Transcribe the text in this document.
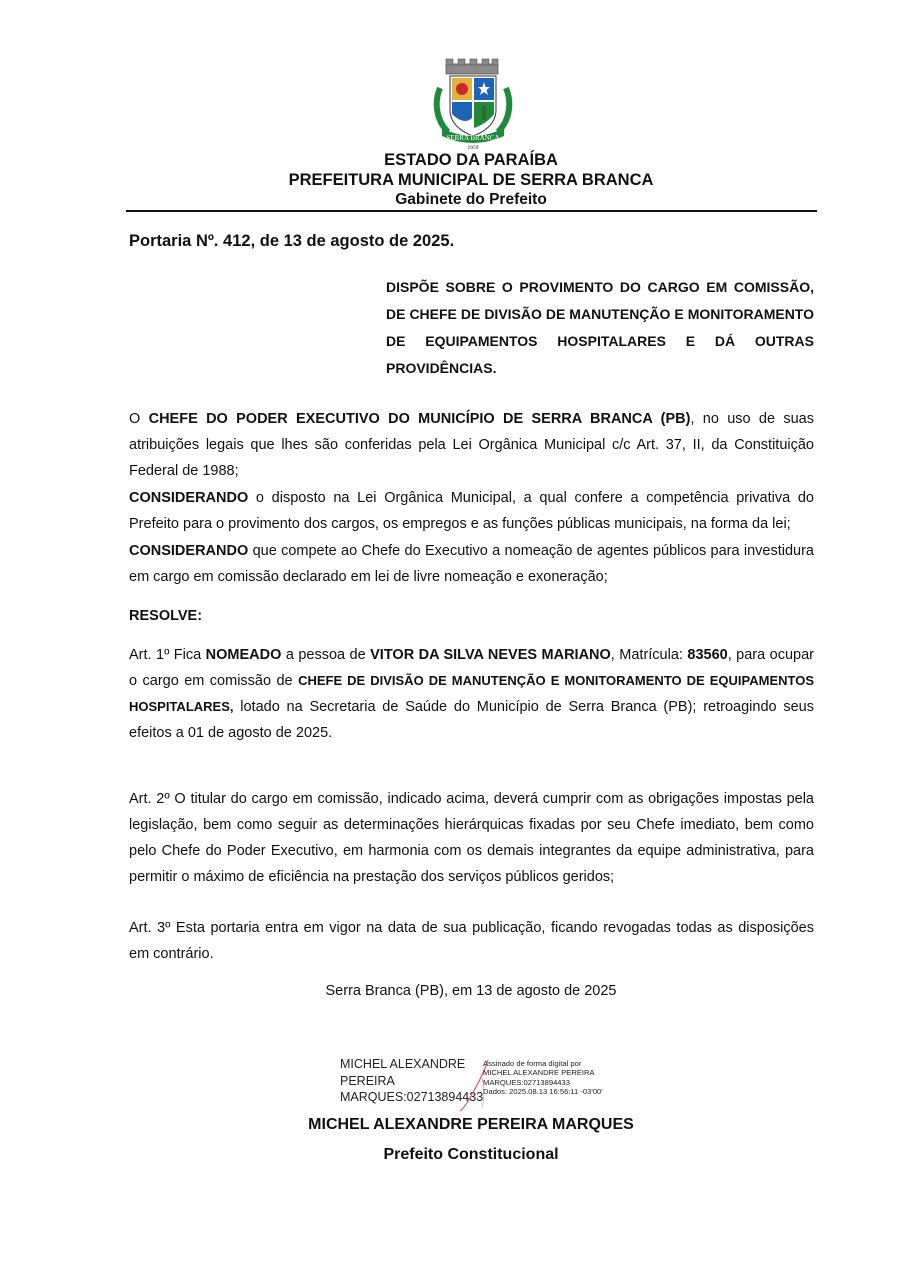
SERRA BRANCA
1959
ESTADO DA PARAÍBA
PREFEITURA MUNICIPAL DE SERRA BRANCA
Gabinete do Prefeito
Portaria Nº. 412, de 13 de agosto de 2025.
DISPÕE SOBRE O PROVIMENTO DO CARGO EM COMISSÃO, DE CHEFE DE DIVISÃO DE MANUTENÇÃO E MONITORAMENTO DE EQUIPAMENTOS HOSPITALARES E DÁ OUTRAS PROVIDÊNCIAS.
O CHEFE DO PODER EXECUTIVO DO MUNICÍPIO DE SERRA BRANCA (PB), no uso de suas atribuições legais que lhes são conferidas pela Lei Orgânica Municipal c/c Art. 37, II, da Constituição Federal de 1988;
CONSIDERANDO o disposto na Lei Orgânica Municipal, a qual confere a competência privativa do Prefeito para o provimento dos cargos, os empregos e as funções públicas municipais, na forma da lei;
CONSIDERANDO que compete ao Chefe do Executivo a nomeação de agentes públicos para investidura em cargo em comissão declarado em lei de livre nomeação e exoneração;
RESOLVE:
Art. 1º Fica NOMEADO a pessoa de VITOR DA SILVA NEVES MARIANO, Matrícula: 83560, para ocupar o cargo em comissão de CHEFE DE DIVISÃO DE MANUTENÇÃO E MONITORAMENTO DE EQUIPAMENTOS HOSPITALARES, lotado na Secretaria de Saúde do Município de Serra Branca (PB); retroagindo seus efeitos a 01 de agosto de 2025.
Art. 2º O titular do cargo em comissão, indicado acima, deverá cumprir com as obrigações impostas pela legislação, bem como seguir as determinações hierárquicas fixadas por seu Chefe imediato, bem como pelo Chefe do Poder Executivo, em harmonia com os demais integrantes da equipe administrativa, para permitir o máximo de eficiência na prestação dos serviços públicos geridos;
Art. 3º Esta portaria entra em vigor na data de sua publicação, ficando revogadas todas as disposições em contrário.
Serra Branca (PB), em 13 de agosto de 2025
MICHEL ALEXANDRE
PEREIRA
MARQUES:02713894433
Assinado de forma digital por
MICHEL ALEXANDRE PEREIRA
MARQUES:02713894433
Dados: 2025.08.13 16:56:11 -03'00'
MICHEL ALEXANDRE PEREIRA MARQUES
Prefeito Constitucional
